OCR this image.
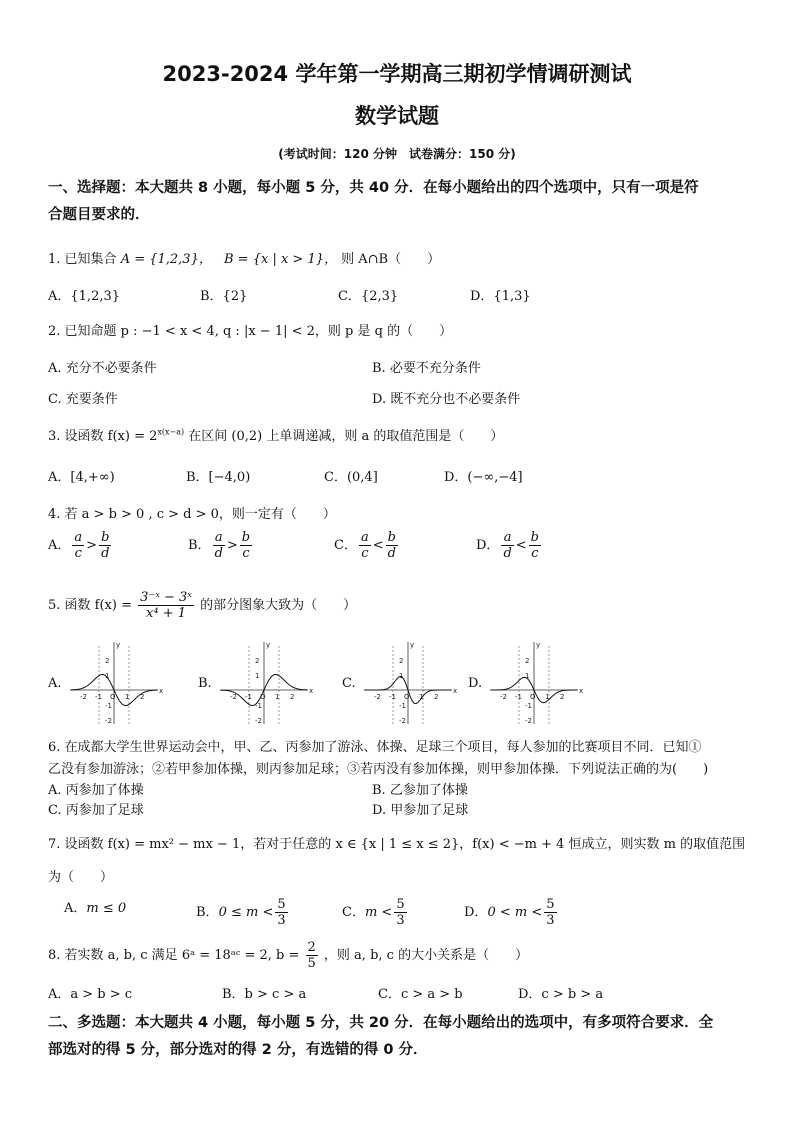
2023-2024 学年第一学期高三期初学情调研测试
数学试题
(考试时间：120 分钟　试卷满分：150 分)
一、选择题：本大题共 8 小题，每小题 5 分，共 40 分．在每小题给出的四个选项中，只有一项是符
合题目要求的．
1. 已知集合 A = {1,2,3}， B = {x | x > 1}， 则 A∩B（　　）
A．{1,2,3}	B．{2}	C．{2,3}	D．{1,3}
2. 已知命题 p : −1 < x < 4, q : |x − 1| < 2，则 p 是 q 的（　　）
A. 充分不必要条件	B. 必要不充分条件
C. 充要条件	D. 既不充分也不必要条件
3. 设函数 $f(x) = 2^{x(x-a)}$ 在区间 (0,2) 上单调递减，则 a 的取值范围是（　　）
A．[4,+∞)	B．[−4,0)	C．(0,4]	D．(−∞,−4]
4. 若 a > b > 0 , c > d > 0，则一定有（　　）
A． $\frac{a}{c} > \frac{b}{d}$	B． $\frac{a}{d} > \frac{b}{c}$	C． $\frac{a}{c} < \frac{b}{d}$	D． $\frac{a}{d} < \frac{b}{c}$
5. 函数 $f(x) = \frac{\text{3⁻ˣ − 3ˣ}}{\text{x⁴ + 1}}$ 的部分图象大致为（　　）
A.
y
x
-2 -1 O 1 2
2
1
-1
-2
B.
y
x
-2 -1 O 1 2
2
1
-1
-2
C.
y
x
-2 -1 O 1 2
2
1
-1
-2
D.
y
x
-2 -1 O 1 2
2
1
-1
-2
6. 在成都大学生世界运动会中，甲、乙、丙参加了游泳、体操、足球三个项目，每人参加的比赛项目不同．已知①
乙没有参加游泳；②若甲参加体操，则丙参加足球；③若丙没有参加体操，则甲参加体操．下列说法正确的为(　　)
A. 丙参加了体操	B. 乙参加了体操
C. 丙参加了足球	D. 甲参加了足球
7. 设函数 f(x) = mx² − mx − 1，若对于任意的 x ∈ {x | 1 ≤ x ≤ 2}，f(x) < −m + 4 恒成立，则实数 m 的取值范围
为（　　）
A．m ≤ 0	B．$0 \le m < \frac{5}{3}$	C．$m < \frac{5}{3}$	D．$0 < m < \frac{5}{3}$
8. 若实数 a, b, c 满足 6ᵃ = 18ᵃᶜ = 2, $b = \frac{2}{5}$ ，则 a, b, c 的大小关系是（　　）
A．a > b > c	B．b > c > a	C．c > a > b	D．c > b > a
二、多选题：本大题共 4 小题，每小题 5 分，共 20 分．在每小题给出的选项中，有多项符合要求．全
部选对的得 5 分，部分选对的得 2 分，有选错的得 0 分．
